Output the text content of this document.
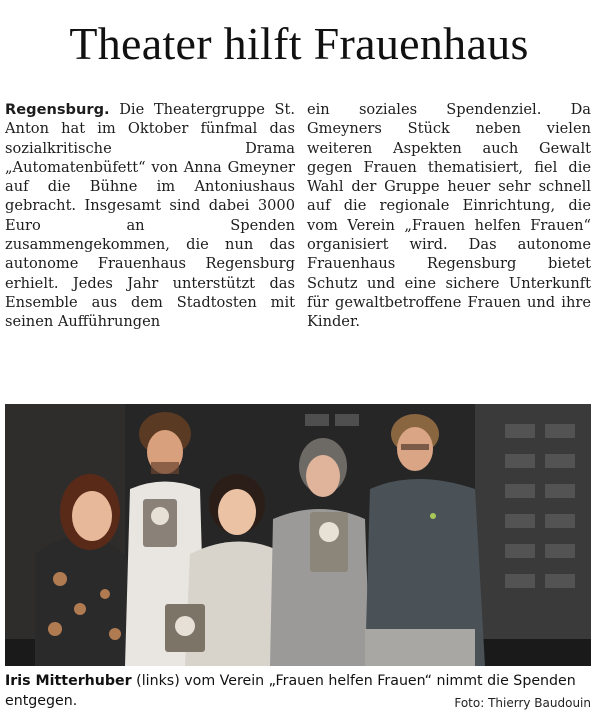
Theater hilft Frauenhaus
Regensburg. Die Theatergruppe St. Anton hat im Oktober fünfmal das sozialkritische Drama „Automatenbüfett“ von Anna Gmeyner auf die Bühne im Antoniushaus gebracht. Insgesamt sind dabei 3000 Euro an Spenden zusammengekommen, die nun das autonome Frauenhaus Regensburg erhielt. Jedes Jahr unterstützt das Ensemble aus dem Stadtosten mit seinen Aufführungen
ein soziales Spendenziel. Da Gmeyners Stück neben vielen weiteren Aspekten auch Gewalt gegen Frauen thematisiert, fiel die Wahl der Gruppe heuer sehr schnell auf die regionale Einrichtung, die vom Verein „Frauen helfen Frauen“ organisiert wird. Das autonome Frauenhaus Regensburg bietet Schutz und eine sichere Unterkunft für gewaltbetroffene Frauen und ihre Kinder.
Iris Mitterhuber (links) vom Verein „Frauen helfen Frauen“ nimmt die Spenden entgegen.	Foto: Thierry Baudouin
